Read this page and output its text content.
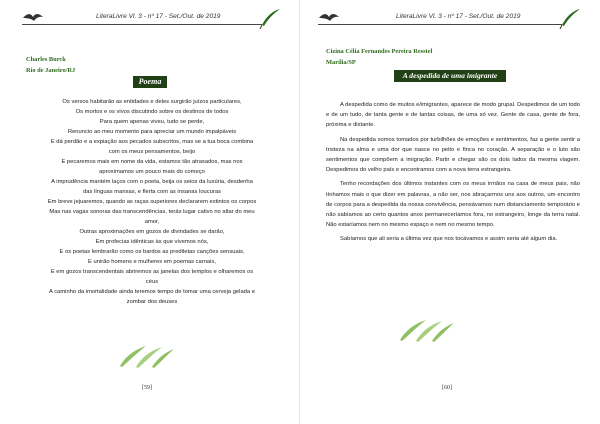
LiteraLivre Vl. 3 - nº 17 - Set./Out. de 2019
Charles Burck
Rio de Janeiro/RJ
Poema
Os versos habitarão as entidades e deles surgirão juízos particulares,
Os mortos e os vivos discutindo sobre os destinos de todos
Para quem apenas viveu, tudo se perde,
Renuncio ao meu momento para apreciar um mundo impalpáveis
E dá perdão e a expiação aos pecados subscritos, mas se a tua boca combina
com os meus pensamentos, beijo
E pecaremos mais em nome da vida, estamos tão atrasados, mas nos
aproximamos um pouco mais do começo
A imprudência mantém laços com o poeta, beija os seios da luxúria, desdenha
das línguas mansas, e flerta com as insanas loucuras
Em breve jejuaremos, quando as raças superiores declararem extintos os corpos
Mas nas vagas sonoras das transcendências, terás lugar cativo no altar do meu
amor,
Outras aproximações em gozos de divindades se darão,
Em profecias idênticas às que vivemos nós,
E os poetas lembrarão como os bardos as prediletas canções sensuais,
E unirão homens e mulheres em poemas carnais,
E em gozos transcendentais abriremos as janelas dos templos e olharemos os
céus
A caminho da imortalidade ainda teremos tempo de tomar uma cerveja gelada e
zombar dos deuses
[59]
LiteraLivre Vl. 3 - nº 17 - Set./Out. de 2019
Cizina Célia Fernandes Pereira Resstel
Marília/SP
A despedida de uma imigrante
[60]

A despedida como de muitos e/imigrantes, aparece de modo grupal. Despedimos de um todo e de um tudo, de tanta gente e de tantas coisas, de uma só vez. Gente de casa, gente de fora, próxima e distante.

Na despedida somos tomados por turbilhões de emoções e sentimentos, faz a gente sentir a tristeza na alma e uma dor que nasce no peito e finca no coração. A separação e o luto são sentimentos que compõem a imigração. Partir e chegar são os dois lados da mesma viagem. Despedimos do velho país e encontramos com a nova terra estrangeira.

Tenho recordações dos últimos instantes com os meus irmãos na casa de meus pais, não tínhamos mais o que dizer em palavras, a não ser, nos abraçarmos uns aos outros, um encontro de corpos para a despedida da nossa convivência, pensávamos num distanciamento temporário e não sabíamos ao certo quantos anos permaneceríamos fora, no estrangeiro, longe da terra natal. Não estaríamos nem no mesmo espaço e nem no mesmo tempo.

Sabíamos que ali seria a última vez que nos tocávamos e assim seria até algum dia.
